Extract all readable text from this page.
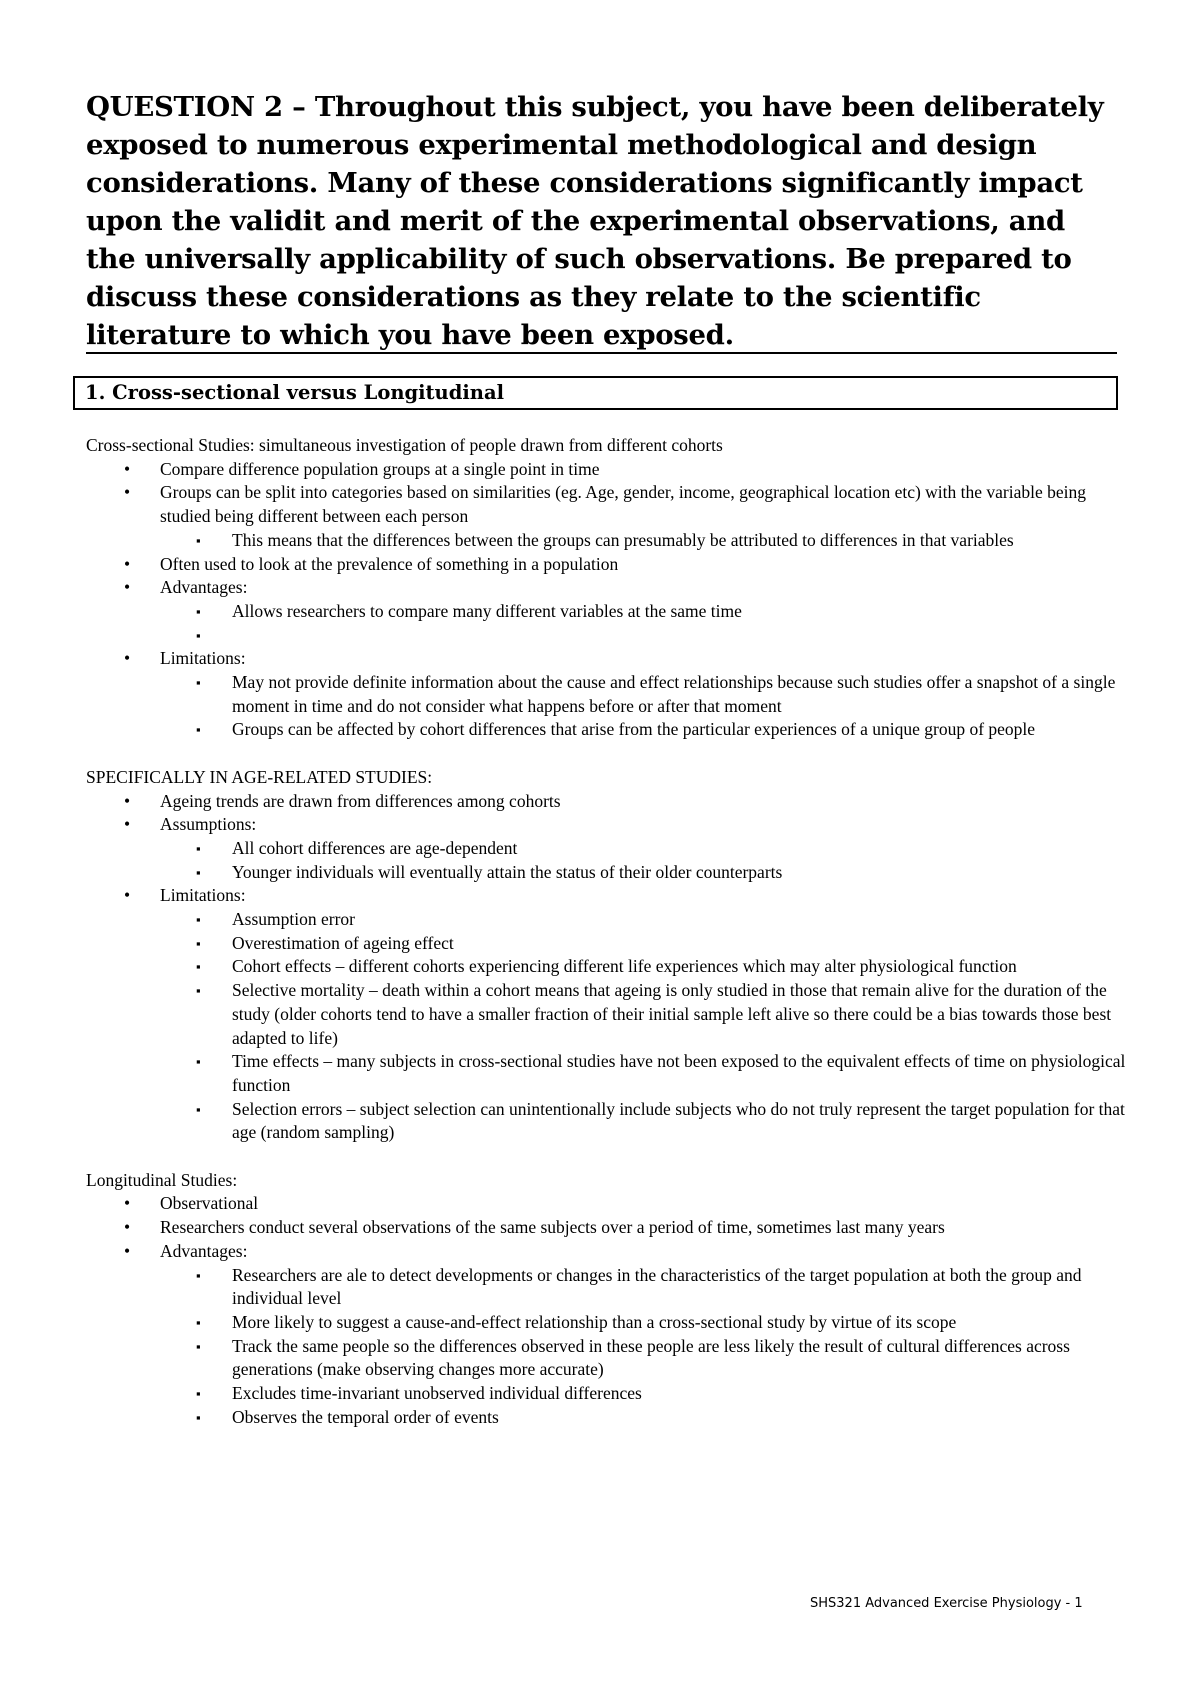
QUESTION 2 – Throughout this subject, you have been deliberately exposed to numerous experimental methodological and design considerations. Many of these considerations significantly impact upon the validit and merit of the experimental observations, and the universally applicability of such observations. Be prepared to discuss these considerations as they relate to the scientific literature to which you have been exposed.
1. Cross-sectional versus Longitudinal

Cross-sectional Studies: simultaneous investigation of people drawn from different cohorts

• Compare difference population groups at a single point in time
• Groups can be split into categories based on similarities (eg. Age, gender, income, geographical location etc) with the variable being studied being different between each person
▪ This means that the differences between the groups can presumably be attributed to differences in that variables
• Often used to look at the prevalence of something in a population
• Advantages:
▪ Allows researchers to compare many different variables at the same time
▪
• Limitations:
▪ May not provide definite information about the cause and effect relationships because such studies offer a snapshot of a single moment in time and do not consider what happens before or after that moment
▪ Groups can be affected by cohort differences that arise from the particular experiences of a unique group of people

SPECIFICALLY IN AGE-RELATED STUDIES:

• Ageing trends are drawn from differences among cohorts
• Assumptions:
▪ All cohort differences are age-dependent
▪ Younger individuals will eventually attain the status of their older counterparts
• Limitations:
▪ Assumption error
▪ Overestimation of ageing effect
▪ Cohort effects – different cohorts experiencing different life experiences which may alter physiological function
▪ Selective mortality – death within a cohort means that ageing is only studied in those that remain alive for the duration of the study (older cohorts tend to have a smaller fraction of their initial sample left alive so there could be a bias towards those best adapted to life)
▪ Time effects – many subjects in cross-sectional studies have not been exposed to the equivalent effects of time on physiological function
▪ Selection errors – subject selection can unintentionally include subjects who do not truly represent the target population for that age (random sampling)

Longitudinal Studies:

• Observational
• Researchers conduct several observations of the same subjects over a period of time, sometimes last many years
• Advantages:
▪ Researchers are ale to detect developments or changes in the characteristics of the target population at both the group and individual level
▪ More likely to suggest a cause-and-effect relationship than a cross-sectional study by virtue of its scope
▪ Track the same people so the differences observed in these people are less likely the result of cultural differences across generations (make observing changes more accurate)
▪ Excludes time-invariant unobserved individual differences
▪ Observes the temporal order of events
SHS321 Advanced Exercise Physiology - 1
